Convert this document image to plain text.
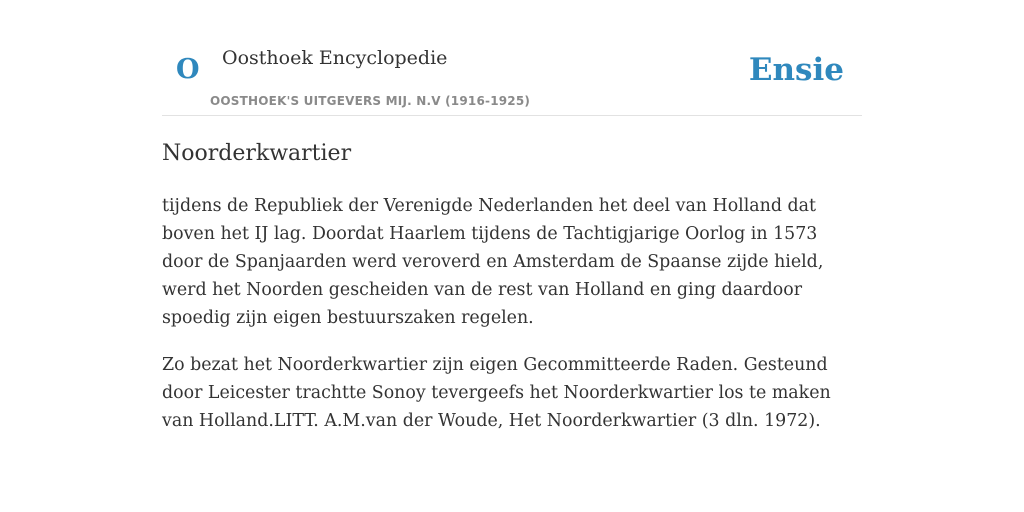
O Oosthoek Encyclopedie
OOSTHOEK'S UITGEVERS MIJ. N.V (1916-1925)
Ensie
Noorderkwartier

tijdens de Republiek der Verenigde Nederlanden het deel van Holland dat boven het IJ lag. Doordat Haarlem tijdens de Tachtigjarige Oorlog in 1573 door de Spanjaarden werd veroverd en Amsterdam de Spaanse zijde hield, werd het Noorden gescheiden van de rest van Holland en ging daardoor spoedig zijn eigen bestuurszaken regelen.

Zo bezat het Noorderkwartier zijn eigen Gecommitteerde Raden. Gesteund door Leicester trachtte Sonoy tevergeefs het Noorderkwartier los te maken van Holland.LITT. A.M.van der Woude, Het Noorderkwartier (3 dln. 1972).
